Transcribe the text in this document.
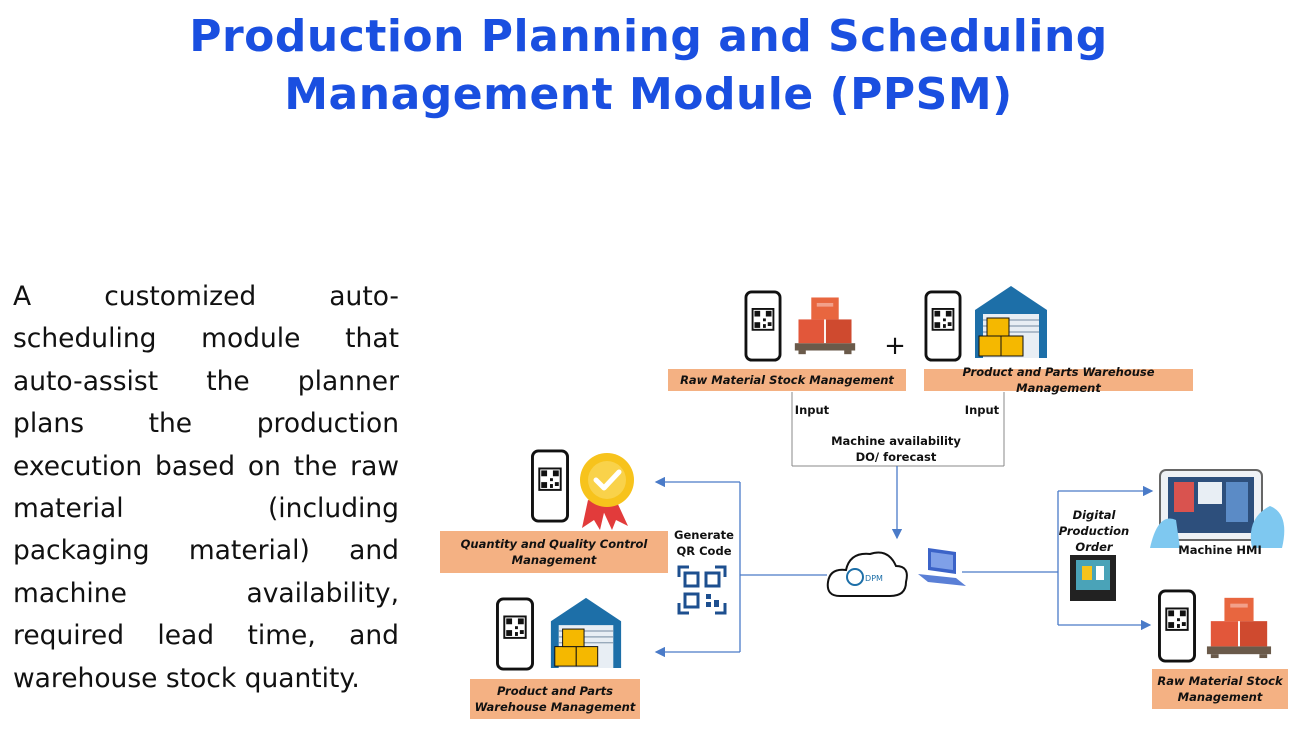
Production Planning and Scheduling
Management Module (PPSM)
A customized auto-scheduling module that auto-assist the planner plans the production execution based on the raw material (including packaging material) and machine availability, required lead time, and warehouse stock quantity.
+
DPM
Raw Material Stock Management
Product and Parts Warehouse Management
Input	Input
Machine availability
DO/ forecast
Quantity and Quality Control Management
Generate
QR Code
Product and Parts Warehouse Management
Digital
Production
Order	Machine HMI
Raw Material Stock Management
